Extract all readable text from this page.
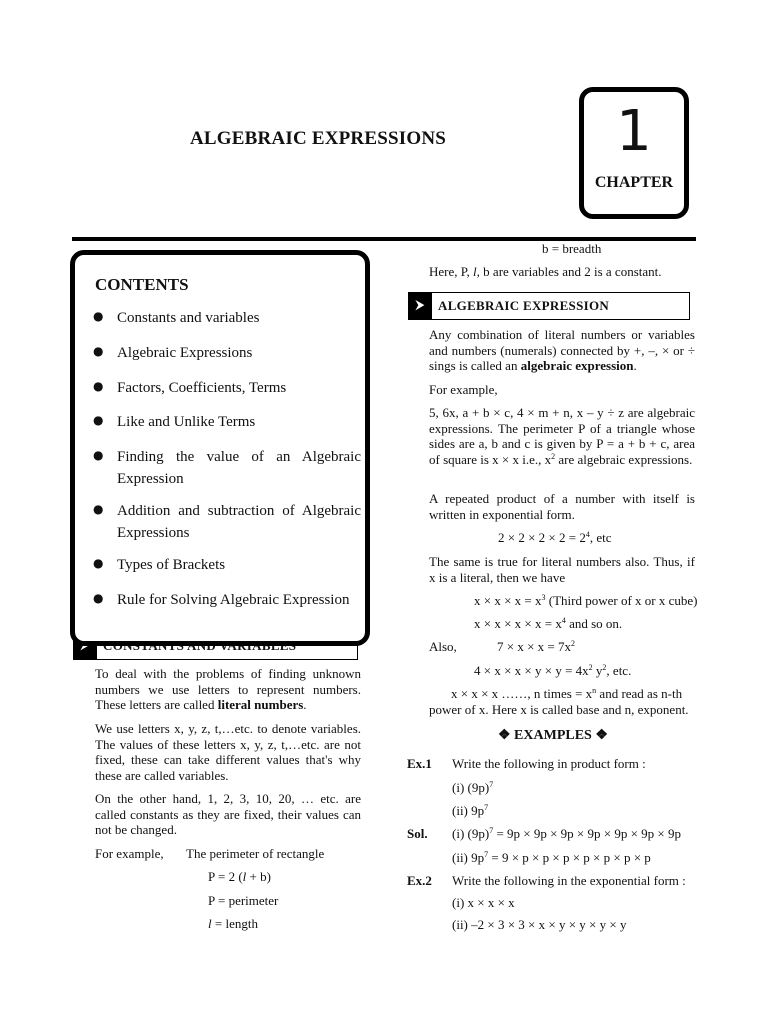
ALGEBRAIC EXPRESSIONS	1
CHAPTER
CONTENTS
● Constants and variables
● Algebraic Expressions
● Factors, Coefficients, Terms
● Like and Unlike Terms
● Finding the value of an Algebraic Expression
● Addition and subtraction of Algebraic Expressions
● Types of Brackets
● Rule for Solving Algebraic Expression
To deal with the problems of finding unknown numbers we use letters to represent numbers. These letters are called literal numbers.
We use letters x, y, z, t,…etc. to denote variables. The values of these letters x, y, z, t,…etc. are not fixed, these can take different values that's why these are called variables.
On the other hand, 1, 2, 3, 10, 20, … etc. are called constants as they are fixed, their values can not be changed.
For example, The perimeter of rectangle
P = 2 (l + b)
P = perimeter
l = length
b = breadth
Here, P, l, b are variables and 2 is a constant.
⮞	ALGEBRAIC EXPRESSION
Any combination of literal numbers or variables and numbers (numerals) connected by +, –, × or ÷ sings is called an algebraic expression.
For example,
5, 6x, a + b × c, 4 × m + n, x – y ÷ z are algebraic expressions. The perimeter P of a triangle whose sides are a, b and c is given by P = a + b + c, area of square is x × x i.e., $x^2$ are algebraic expressions.
A repeated product of a number with itself is written in exponential form.
$2 \times 2 \times 2 \times 2 = 2^4$, etc
The same is true for literal numbers also. Thus, if x is a literal, then we have
$x \times x \times x = x^3$ (Third power of x or x cube)
$x \times x \times x \times x = x^4$ and so on.
Also,	$7 \times x \times x = 7x^2$
$4 \times x \times x \times y \times y = 4x^2$ $y^2$, etc.
x × x × x ……, n times = $x^n$ and read as n-th
power of x. Here x is called base and n, exponent.
❖ EXAMPLES ❖
Ex.1 Write the following in product form :
(i) $(9p)^7$
(ii) $9p^7$
Sol. (i) $(9p)^7 = 9p \times 9p \times 9p \times 9p \times 9p \times 9p \times 9p$
(ii) $9p^7 = 9 \times p \times p \times p \times p \times p \times p \times p$
Ex.2 Write the following in the exponential form :
(i) x × x × x
(ii) –2 × 3 × 3 × x × y × y × y × y
